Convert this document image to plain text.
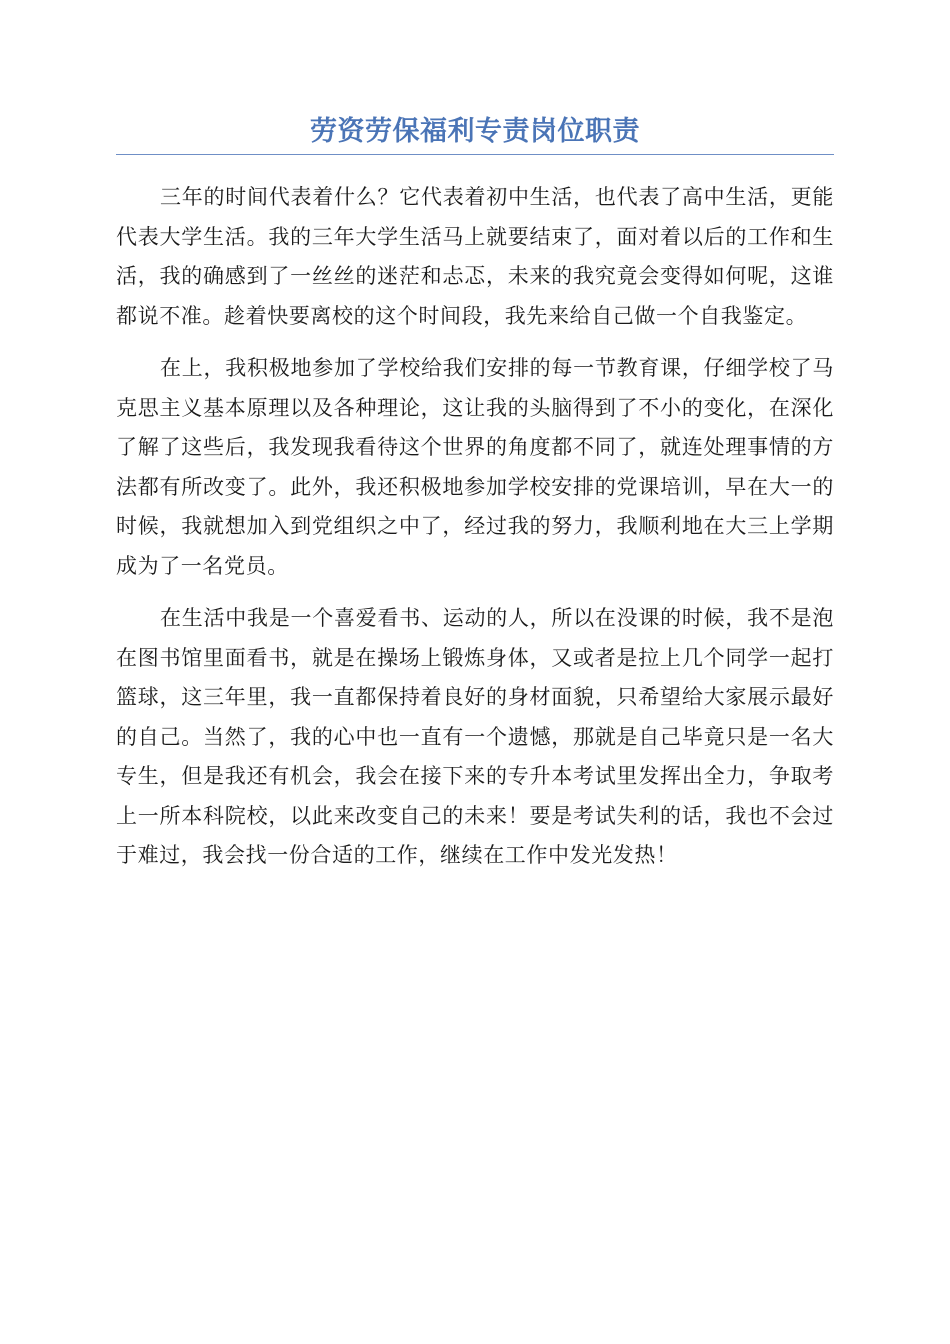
劳资劳保福利专责岗位职责

三年的时间代表着什么？它代表着初中生活，也代表了高中生活，更能代表大学生活。我的三年大学生活马上就要结束了，面对着以后的工作和生活，我的确感到了一丝丝的迷茫和忐忑，未来的我究竟会变得如何呢，这谁都说不准。趁着快要离校的这个时间段，我先来给自己做一个自我鉴定。

在上，我积极地参加了学校给我们安排的每一节教育课，仔细学校了马克思主义基本原理以及各种理论，这让我的头脑得到了不小的变化，在深化了解了这些后，我发现我看待这个世界的角度都不同了，就连处理事情的方法都有所改变了。此外，我还积极地参加学校安排的党课培训，早在大一的时候，我就想加入到党组织之中了，经过我的努力，我顺利地在大三上学期成为了一名党员。

在生活中我是一个喜爱看书、运动的人，所以在没课的时候，我不是泡在图书馆里面看书，就是在操场上锻炼身体，又或者是拉上几个同学一起打篮球，这三年里，我一直都保持着良好的身材面貌，只希望给大家展示最好的自己。当然了，我的心中也一直有一个遗憾，那就是自己毕竟只是一名大专生，但是我还有机会，我会在接下来的专升本考试里发挥出全力，争取考上一所本科院校，以此来改变自己的未来！要是考试失利的话，我也不会过于难过，我会找一份合适的工作，继续在工作中发光发热！
